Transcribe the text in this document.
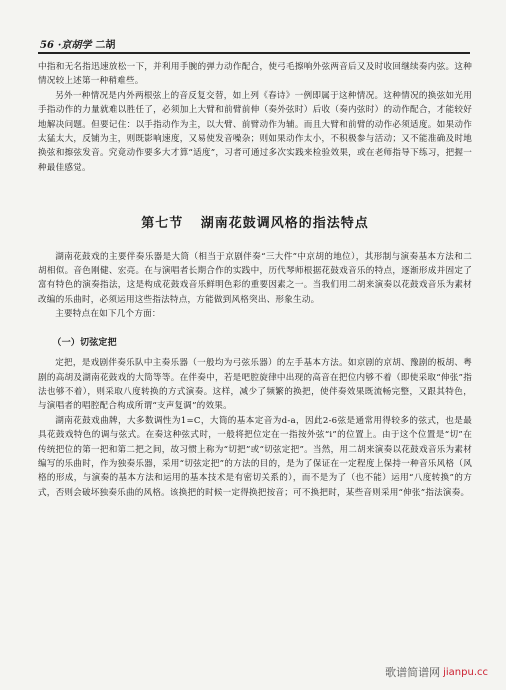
56 ·京胡学 二胡

中指和无名指迅速放松一下，并利用手腕的弹力动作配合，使弓毛擦响外弦两音后又及时收回继续奏内弦。这种情况较上述第一种稍难些。

另外一种情况是内外两根弦上的音反复交替，如上列《春诗》一例即属于这种情况。这种情况的换弦如光用手指动作的力量就难以胜任了，必须加上大臂和前臂前伸（奏外弦时）后收（奏内弦时）的动作配合，才能较好地解决问题。但要记住：以手指动作为主，以大臂、前臂动作为辅。而且大臂和前臂的动作必须适度。如果动作太猛太大，反铺为主，则既影响速度，又易使发音噪杂；则如果动作太小，不积极参与活动；又不能准确及时地换弦和擦弦发音。究竟动作要多大才算“适度”，习者可通过多次实践来检验效果，或在老师指导下练习，把握一种最佳感觉。

第七节 湖南花鼓调风格的指法特点

湖南花鼓戏的主要伴奏乐器是大筒（相当于京剧伴奏“三大件”中京胡的地位），其形制与演奏基本方法和二胡相似。音色刚健、宏亮。在与演唱者长期合作的实践中，历代琴师根据花鼓戏音乐的特点，逐渐形成并固定了富有特色的演奏指法，这是构成花鼓戏音乐鲜明色彩的重要因素之一。当我们用二胡来演奏以花鼓戏音乐为素材改编的乐曲时，必须运用这些指法特点，方能做到风格突出、形象生动。

主要特点在如下几个方面：

（一）切弦定把

定把，是戏剧伴奏乐队中主奏乐器（一般均为弓弦乐器）的左手基本方法。如京剧的京胡、豫剧的板胡、粤剧的高胡及湖南花鼓戏的大筒等等。在伴奏中，若是吧腔旋律中出现的高音在把位内够不着（即使采取“伸张”指法也够不着），则采取八度转换的方式演奏。这样，减少了频繁的换把，使伴奏效果既流畅完整，又跟其特色，与演唱者的唱腔配合构成所谓“支声复调”的效果。

湖南花鼓戏曲牌，大多数调性为1=C，大筒的基本定音为d-a，因此2-6弦是通常用得较多的弦式，也是最具花鼓戏特色的调与弦式。在奏这种弦式时，一般将把位定在一指按外弦“i”的位置上。由于这个位置是“切”在传统把位的第一把和第二把之间，故习惯上称为“切把”或“切弦定把”。当然，用二胡来演奏以花鼓戏音乐为素材编写的乐曲时，作为独奏乐器，采用“切弦定把”的方法的目的，是为了保证在一定程度上保持一种音乐风格（风格的形成，与演奏的基本方法和运用的基本技术是有密切关系的），而不是为了（也不能）运用“八度转换”的方式，否则会破坏独奏乐曲的风格。该换把的时候一定得换把按音；可不换把时，某些音则采用“伸张”指法演奏。

歌谱简谱网 jianpu.cc
